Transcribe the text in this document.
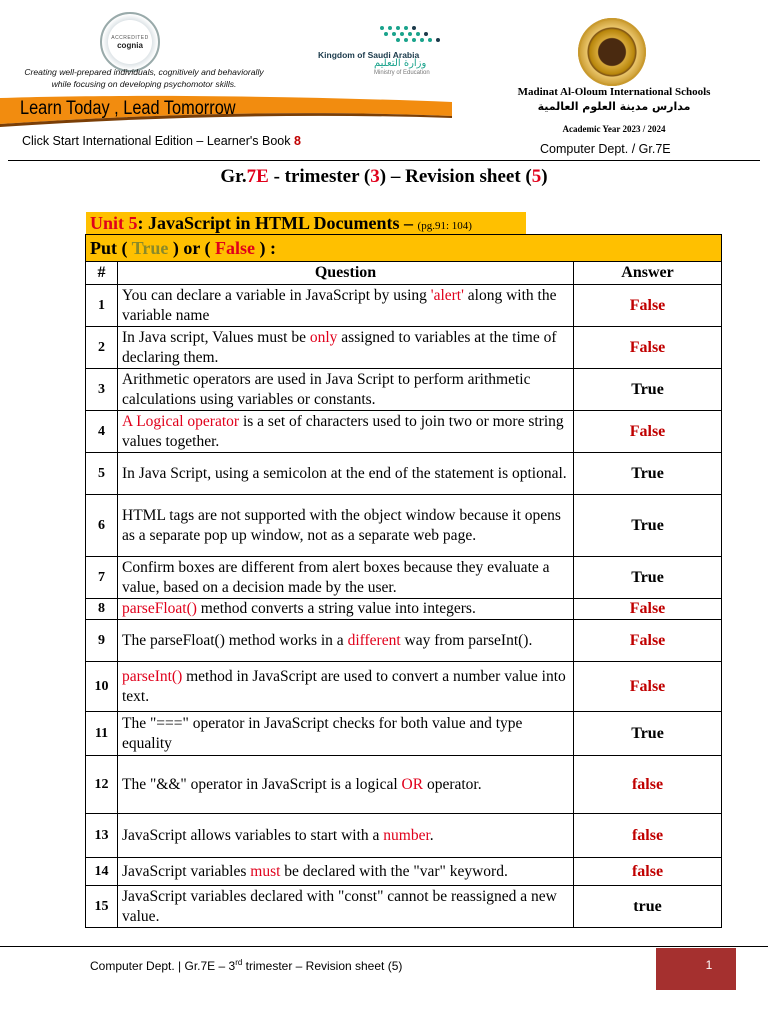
ACCREDITED
cognia
Creating well-prepared individuals, cognitively and behaviorally
while focusing on developing psychomotor skills.
Kingdom of Saudi Arabia
وزارة التعليم
Ministry of Education
Learn Today , Lead Tomorrow
Click Start International Edition – Learner's Book 8
Madinat Al-Oloum International Schools
مدارس مدينة العلوم العالمية
Academic Year 2023 / 2024
Computer Dept. / Gr.7E
Gr.7E - trimester (3) – Revision sheet (5)
Unit 5: JavaScript in HTML Documents – (pg.91: 104)
Put ( True ) or ( False ) :		
#	Question	Answer
1	You can declare a variable in JavaScript by using 'alert' along with the variable name	False
2	In Java script, Values must be only assigned to variables at the time of declaring them.	False
3	Arithmetic operators are used in Java Script to perform arithmetic calculations using variables or constants.	True
4	A Logical operator is a set of characters used to join two or more string values together.	False
5	In Java Script, using a semicolon at the end of the statement is optional.	True
6	HTML tags are not supported with the object window because it opens as a separate pop up window, not as a separate web page.	True
7	Confirm boxes are different from alert boxes because they evaluate a value, based on a decision made by the user.	True
8	parseFloat() method converts a string value into integers.	False
9	The parseFloat() method works in a different way from parseInt().	False
10	parseInt() method in JavaScript are used to convert a number value into text.	False
11	The "===" operator in JavaScript checks for both value and type equality	True
12	The "&&" operator in JavaScript is a logical OR operator.	false
13	JavaScript allows variables to start with a number.	false
14	JavaScript variables must be declared with the "var" keyword.	false
15	JavaScript variables declared with "const" cannot be reassigned a new value.	true
Computer Dept. | Gr.7E – 3rd trimester – Revision sheet (5)	1
